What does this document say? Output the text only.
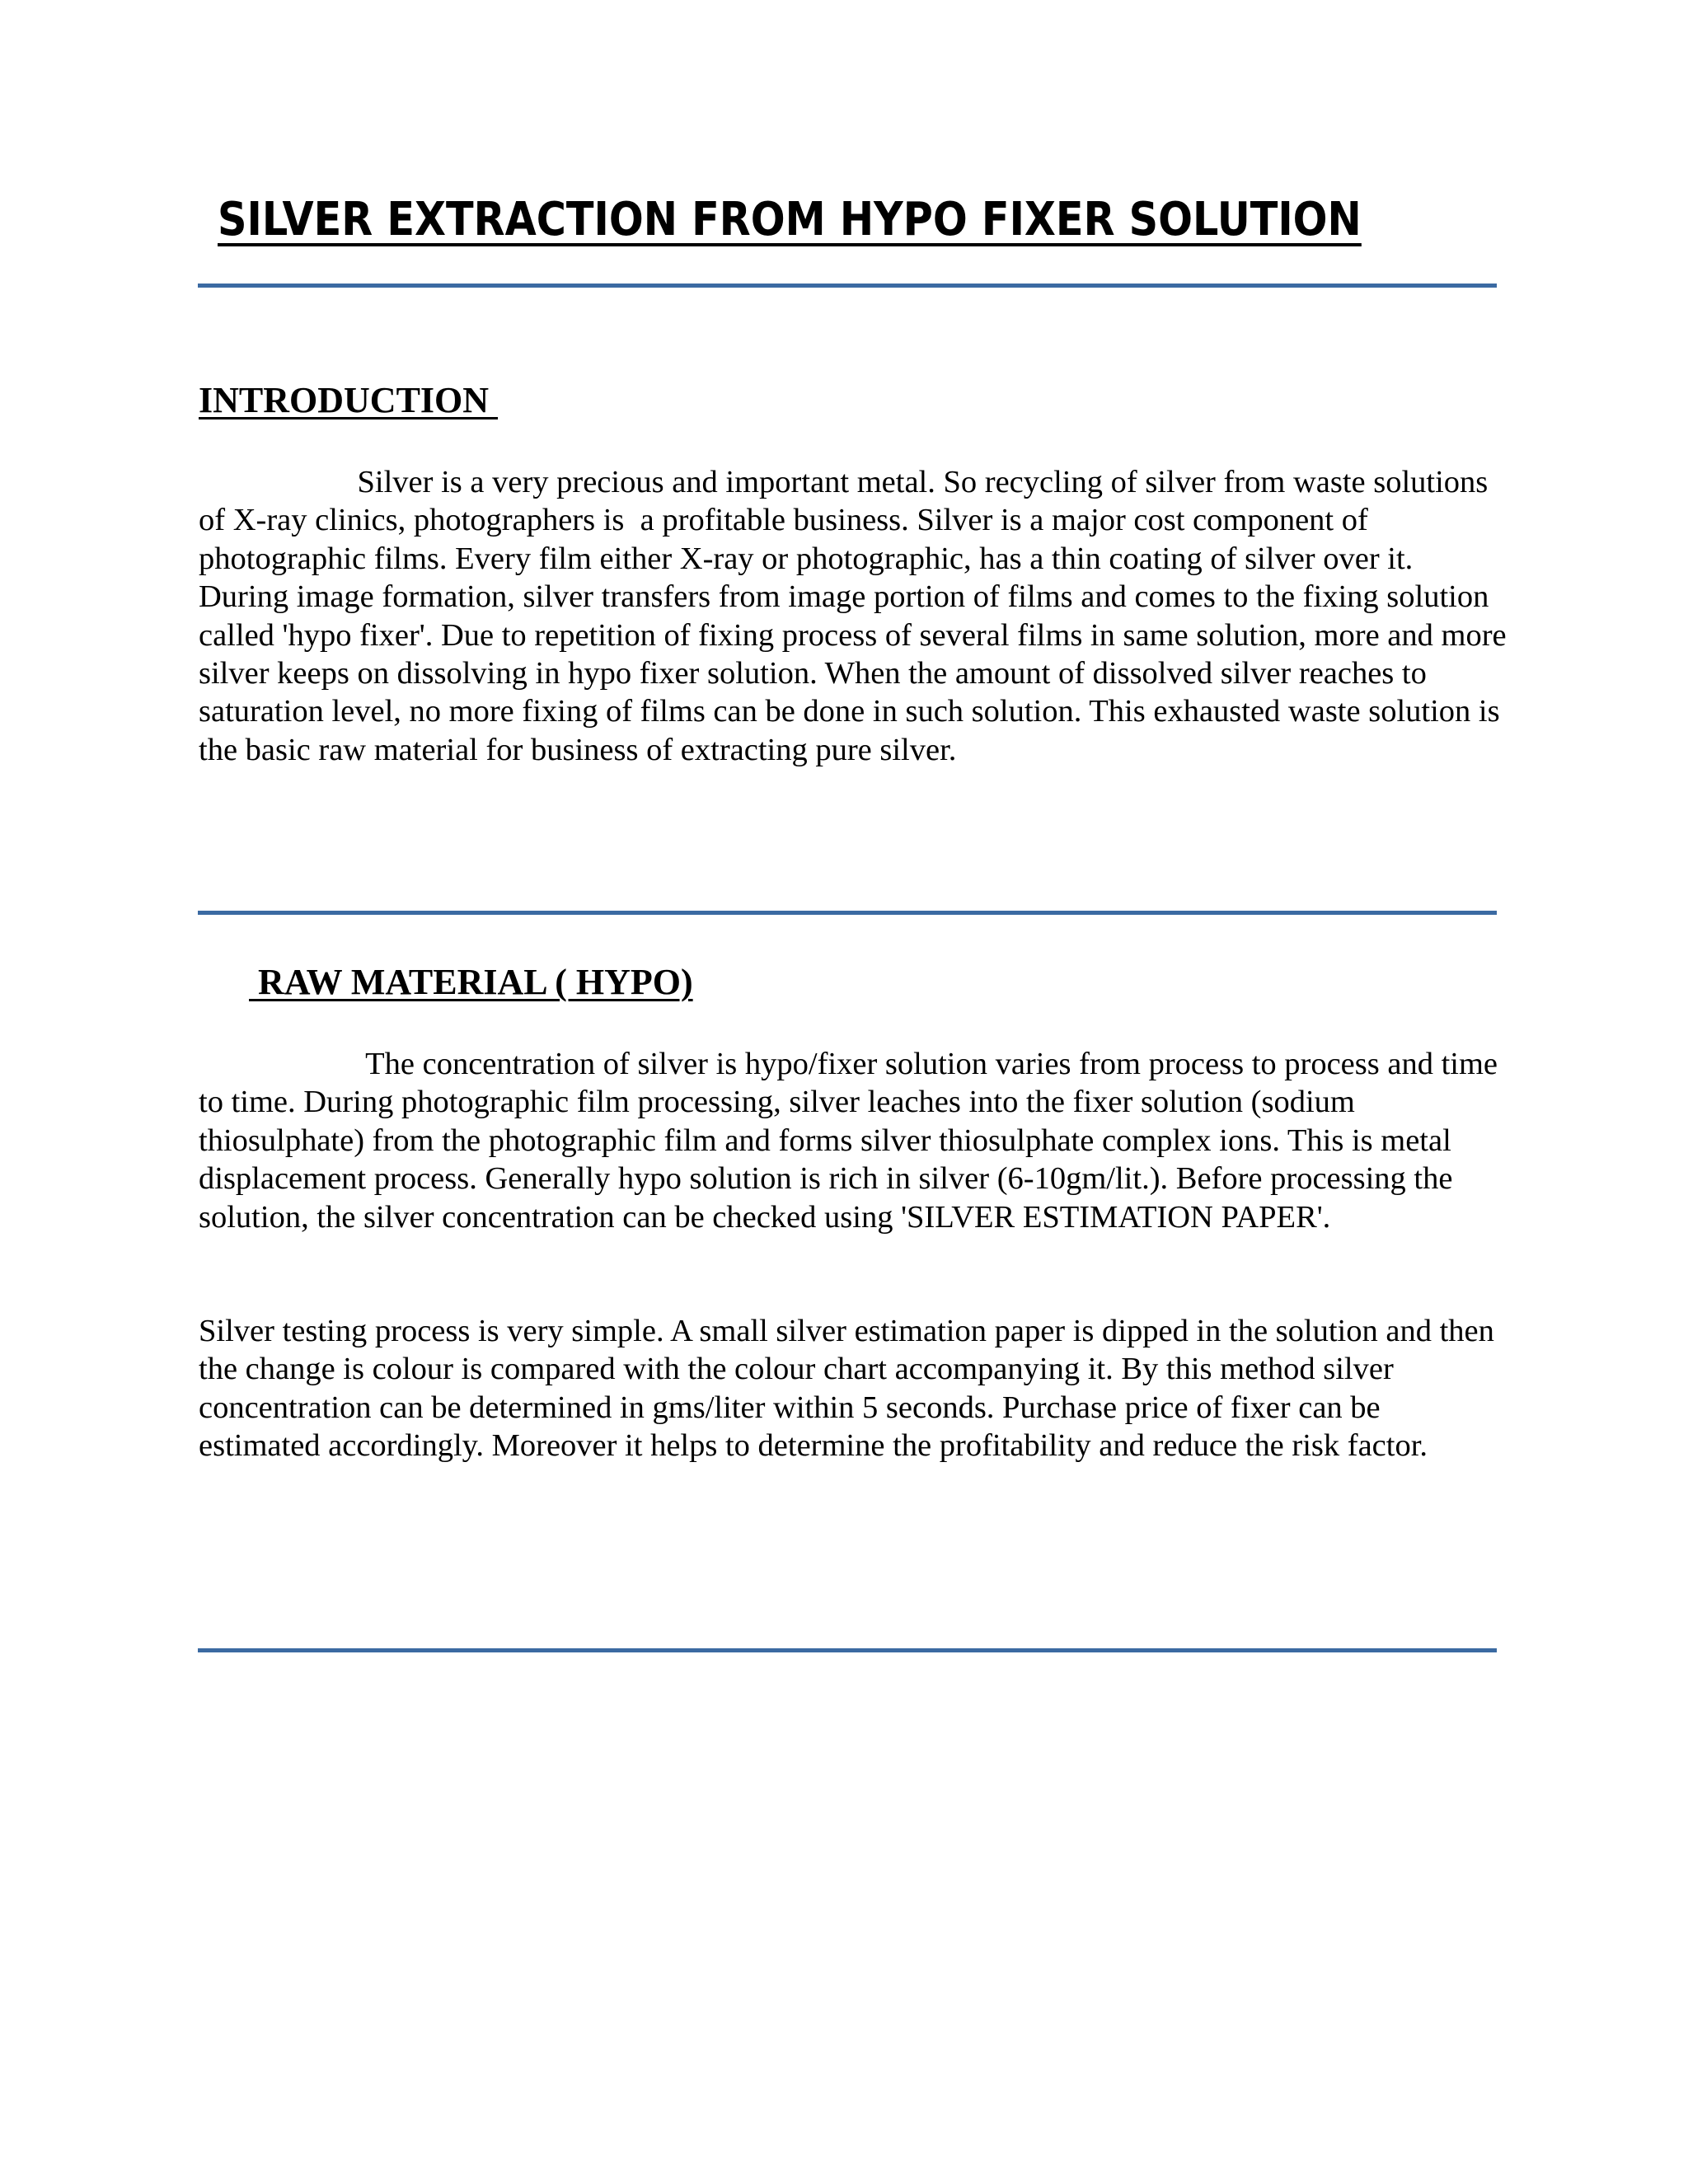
SILVER EXTRACTION FROM HYPO FIXER SOLUTION
INTRODUCTION

Silver is a very precious and important metal. So recycling of silver from waste solutions of X-ray clinics, photographers is  a profitable business. Silver is a major cost component of photographic films. Every film either X-ray or photographic, has a thin coating of silver over it. During image formation, silver transfers from image portion of films and comes to the fixing solution called 'hypo fixer'. Due to repetition of fixing process of several films in same solution, more and more silver keeps on dissolving in hypo fixer solution. When the amount of dissolved silver reaches to saturation level, no more fixing of films can be done in such solution. This exhausted waste solution is the basic raw material for business of extracting pure silver.

RAW MATERIAL ( HYPO)

The concentration of silver is hypo/fixer solution varies from process to process and time to time. During photographic film processing, silver leaches into the fixer solution (sodium thiosulphate) from the photographic film and forms silver thiosulphate complex ions. This is metal displacement process. Generally hypo solution is rich in silver (6-10gm/lit.). Before processing the solution, the silver concentration can be checked using 'SILVER ESTIMATION PAPER'.

Silver testing process is very simple. A small silver estimation paper is dipped in the solution and then the change is colour is compared with the colour chart accompanying it. By this method silver concentration can be determined in gms/liter within 5 seconds. Purchase price of fixer can be estimated accordingly. Moreover it helps to determine the profitability and reduce the risk factor.
